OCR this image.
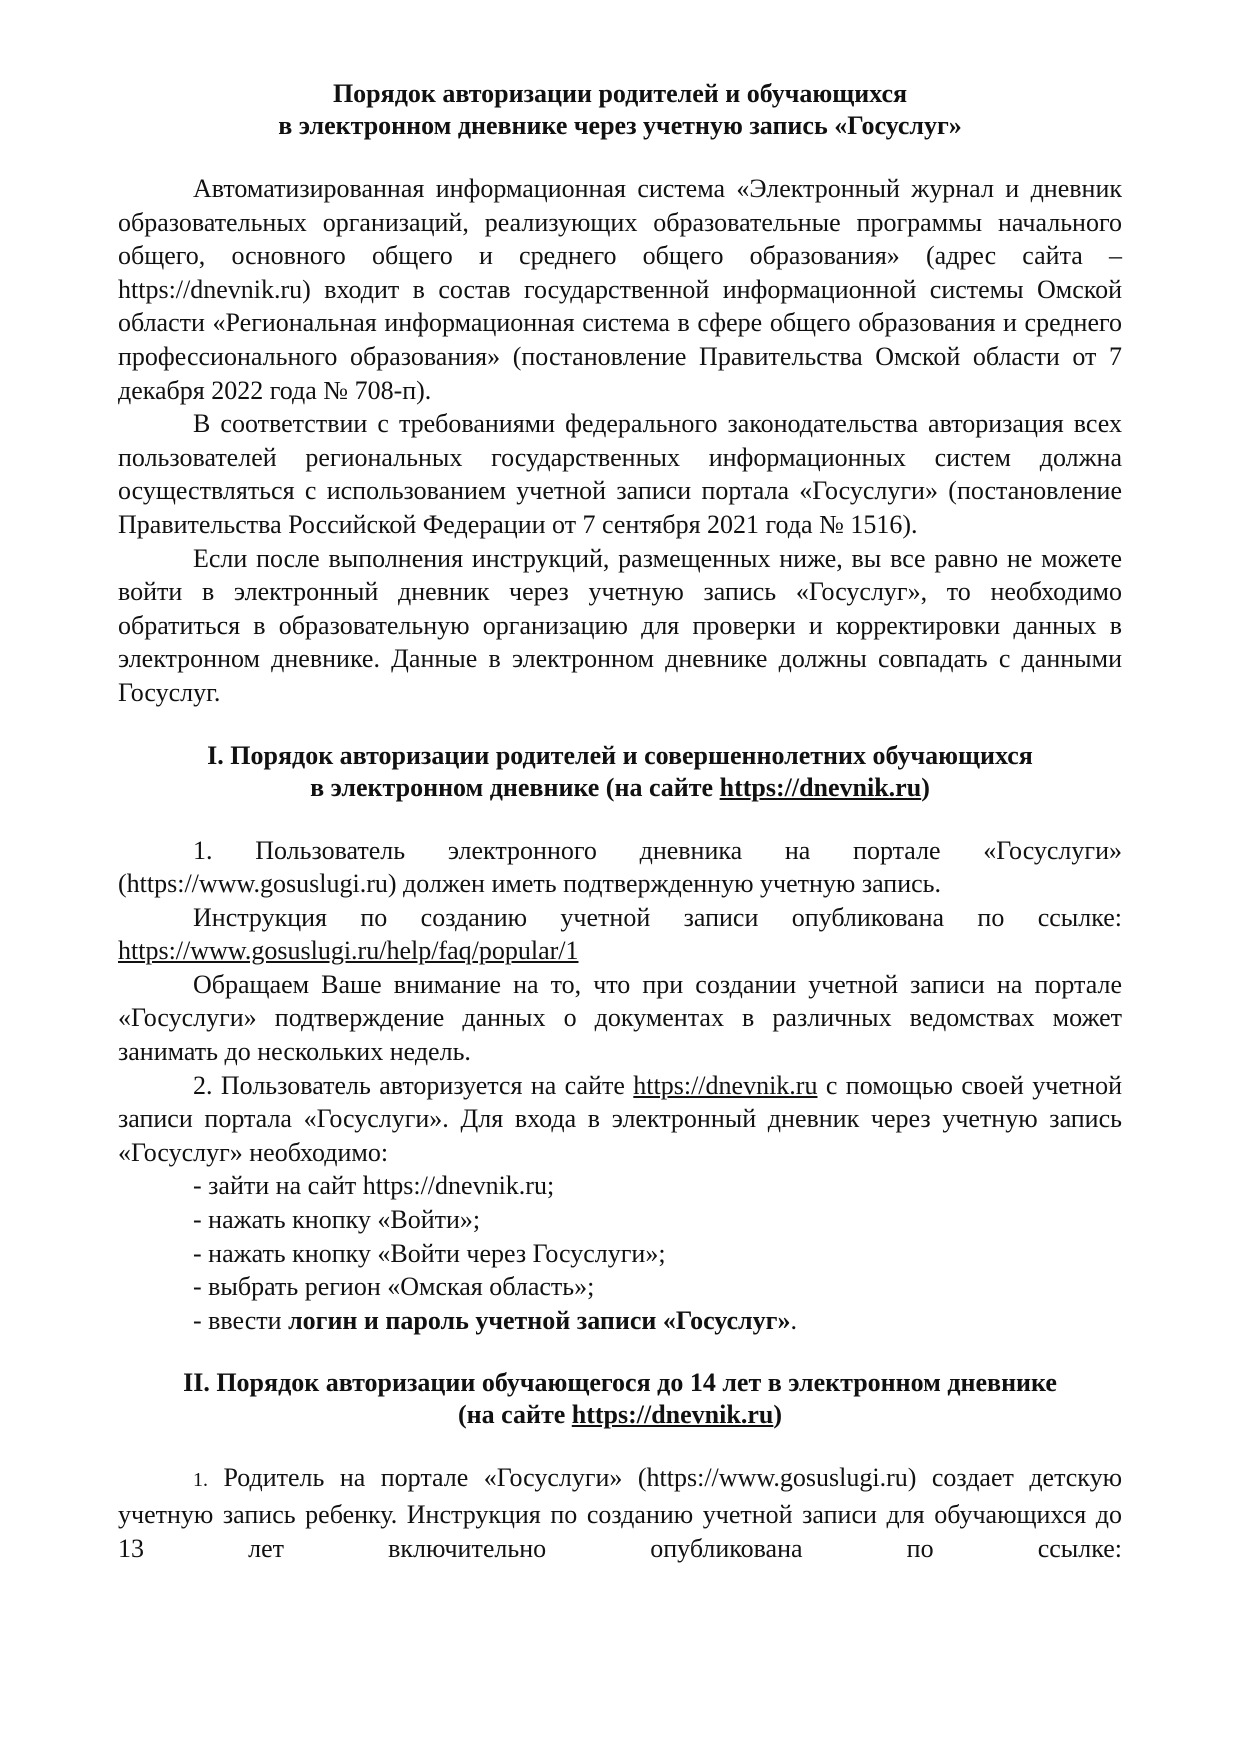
Порядок авторизации родителей и обучающихся
в электронном дневнике через учетную запись «Госуслуг»

Автоматизированная информационная система «Электронный журнал и дневник образовательных организаций, реализующих образовательные программы начального общего, основного общего и среднего общего образования» (адрес сайта – https://dnevnik.ru) входит в состав государственной информационной системы Омской области «Региональная информационная система в сфере общего образования и среднего профессионального образования» (постановление Правительства Омской области от 7 декабря 2022 года № 708-п).

В соответствии с требованиями федерального законодательства авторизация всех пользователей региональных государственных информационных систем должна осуществляться с использованием учетной записи портала «Госуслуги» (постановление Правительства Российской Федерации от 7 сентября 2021 года № 1516).

Если после выполнения инструкций, размещенных ниже, вы все равно не можете войти в электронный дневник через учетную запись «Госуслуг», то необходимо обратиться в образовательную организацию для проверки и корректировки данных в электронном дневнике. Данные в электронном дневнике должны совпадать с данными Госуслуг.

I. Порядок авторизации родителей и совершеннолетних обучающихся
в электронном дневнике (на сайте https://dnevnik.ru)

1. Пользователь электронного дневника на портале «Госуслуги» (https://www.gosuslugi.ru) должен иметь подтвержденную учетную запись.

Инструкция по созданию учетной записи опубликована по ссылке: https://www.gosuslugi.ru/help/faq/popular/1

Обращаем Ваше внимание на то, что при создании учетной записи на портале «Госуслуги» подтверждение данных о документах в различных ведомствах может занимать до нескольких недель.

2. Пользователь авторизуется на сайте https://dnevnik.ru с помощью своей учетной записи портала «Госуслуги». Для входа в электронный дневник через учетную запись «Госуслуг» необходимо:

- зайти на сайт https://dnevnik.ru;

- нажать кнопку «Войти»;

- нажать кнопку «Войти через Госуслуги»;

- выбрать регион «Омская область»;

- ввести логин и пароль учетной записи «Госуслуг».

II. Порядок авторизации обучающегося до 14 лет в электронном дневнике
(на сайте https://dnevnik.ru)

1. Родитель на портале «Госуслуги» (https://www.gosuslugi.ru) создает детскую учетную запись ребенку. Инструкция по созданию учетной записи для обучающихся до 13 лет включительно опубликована по ссылке:
